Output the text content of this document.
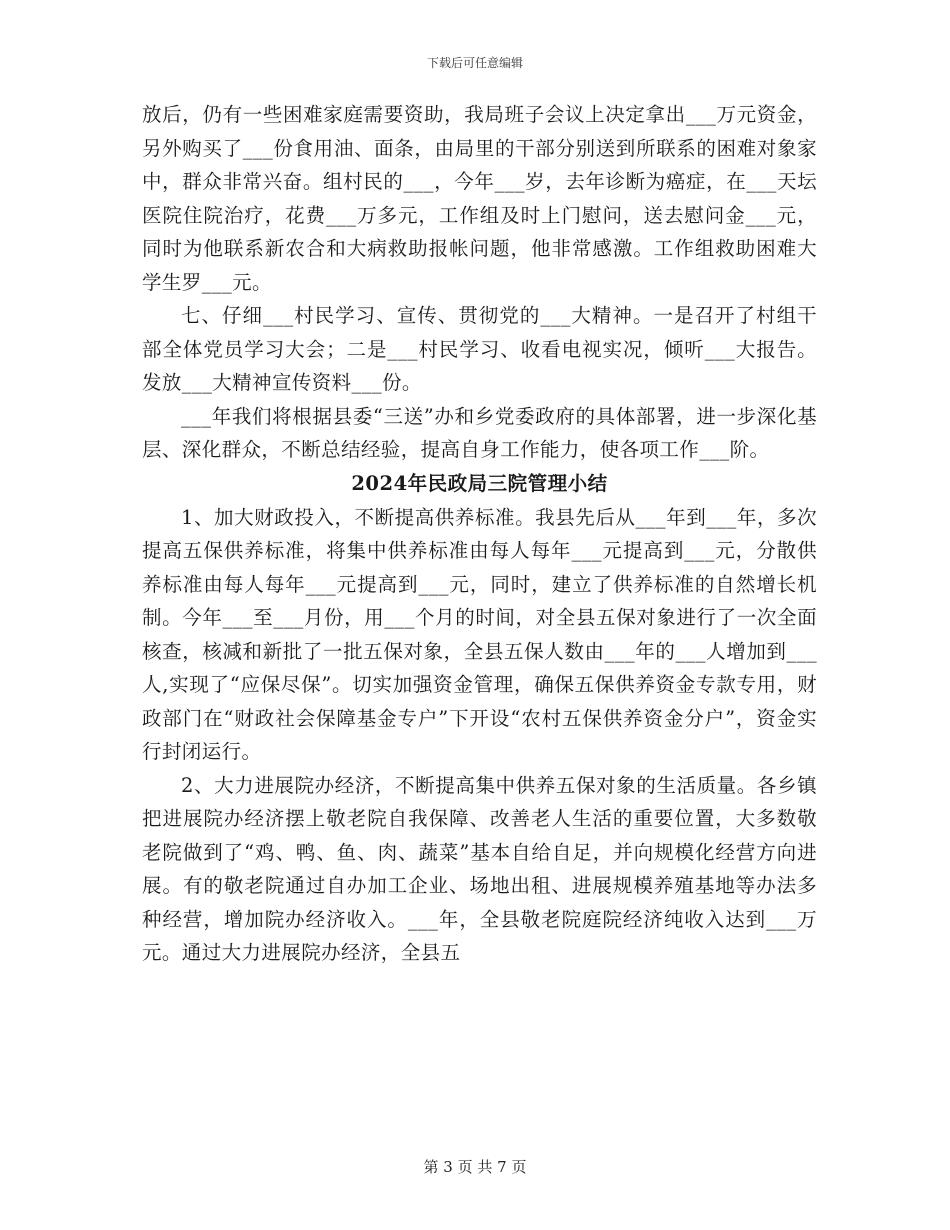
下载后可任意编辑

放后，仍有一些困难家庭需要资助，我局班子会议上决定拿出___万元资金，另外购买了___份食用油、面条，由局里的干部分别送到所联系的困难对象家中，群众非常兴奋。组村民的___，今年___岁，去年诊断为癌症，在___天坛医院住院治疗，花费___万多元，工作组及时上门慰问，送去慰问金___元，同时为他联系新农合和大病救助报帐问题，他非常感激。工作组救助困难大学生罗___元。

七、仔细___村民学习、宣传、贯彻党的___大精神。一是召开了村组干部全体党员学习大会；二是___村民学习、收看电视实况，倾听___大报告。发放___大精神宣传资料___份。

___年我们将根据县委“三送”办和乡党委政府的具体部署，进一步深化基层、深化群众，不断总结经验，提高自身工作能力，使各项工作___阶。

2024年民政局三院管理小结

1、加大财政投入，不断提高供养标准。我县先后从___年到___年，多次提高五保供养标准，将集中供养标准由每人每年___元提高到___元，分散供养标准由每人每年___元提高到___元，同时，建立了供养标准的自然增长机制。今年___至___月份，用___个月的时间，对全县五保对象进行了一次全面核查，核减和新批了一批五保对象，全县五保人数由___年的___人增加到___人,实现了“应保尽保”。切实加强资金管理，确保五保供养资金专款专用，财政部门在“财政社会保障基金专户”下开设“农村五保供养资金分户”，资金实行封闭运行。

2、大力进展院办经济，不断提高集中供养五保对象的生活质量。各乡镇把进展院办经济摆上敬老院自我保障、改善老人生活的重要位置，大多数敬老院做到了“鸡、鸭、鱼、肉、蔬菜”基本自给自足，并向规模化经营方向进展。有的敬老院通过自办加工企业、场地出租、进展规模养殖基地等办法多种经营，增加院办经济收入。___年，全县敬老院庭院经济纯收入达到___万元。通过大力进展院办经济，全县五

第 3 页 共 7 页
